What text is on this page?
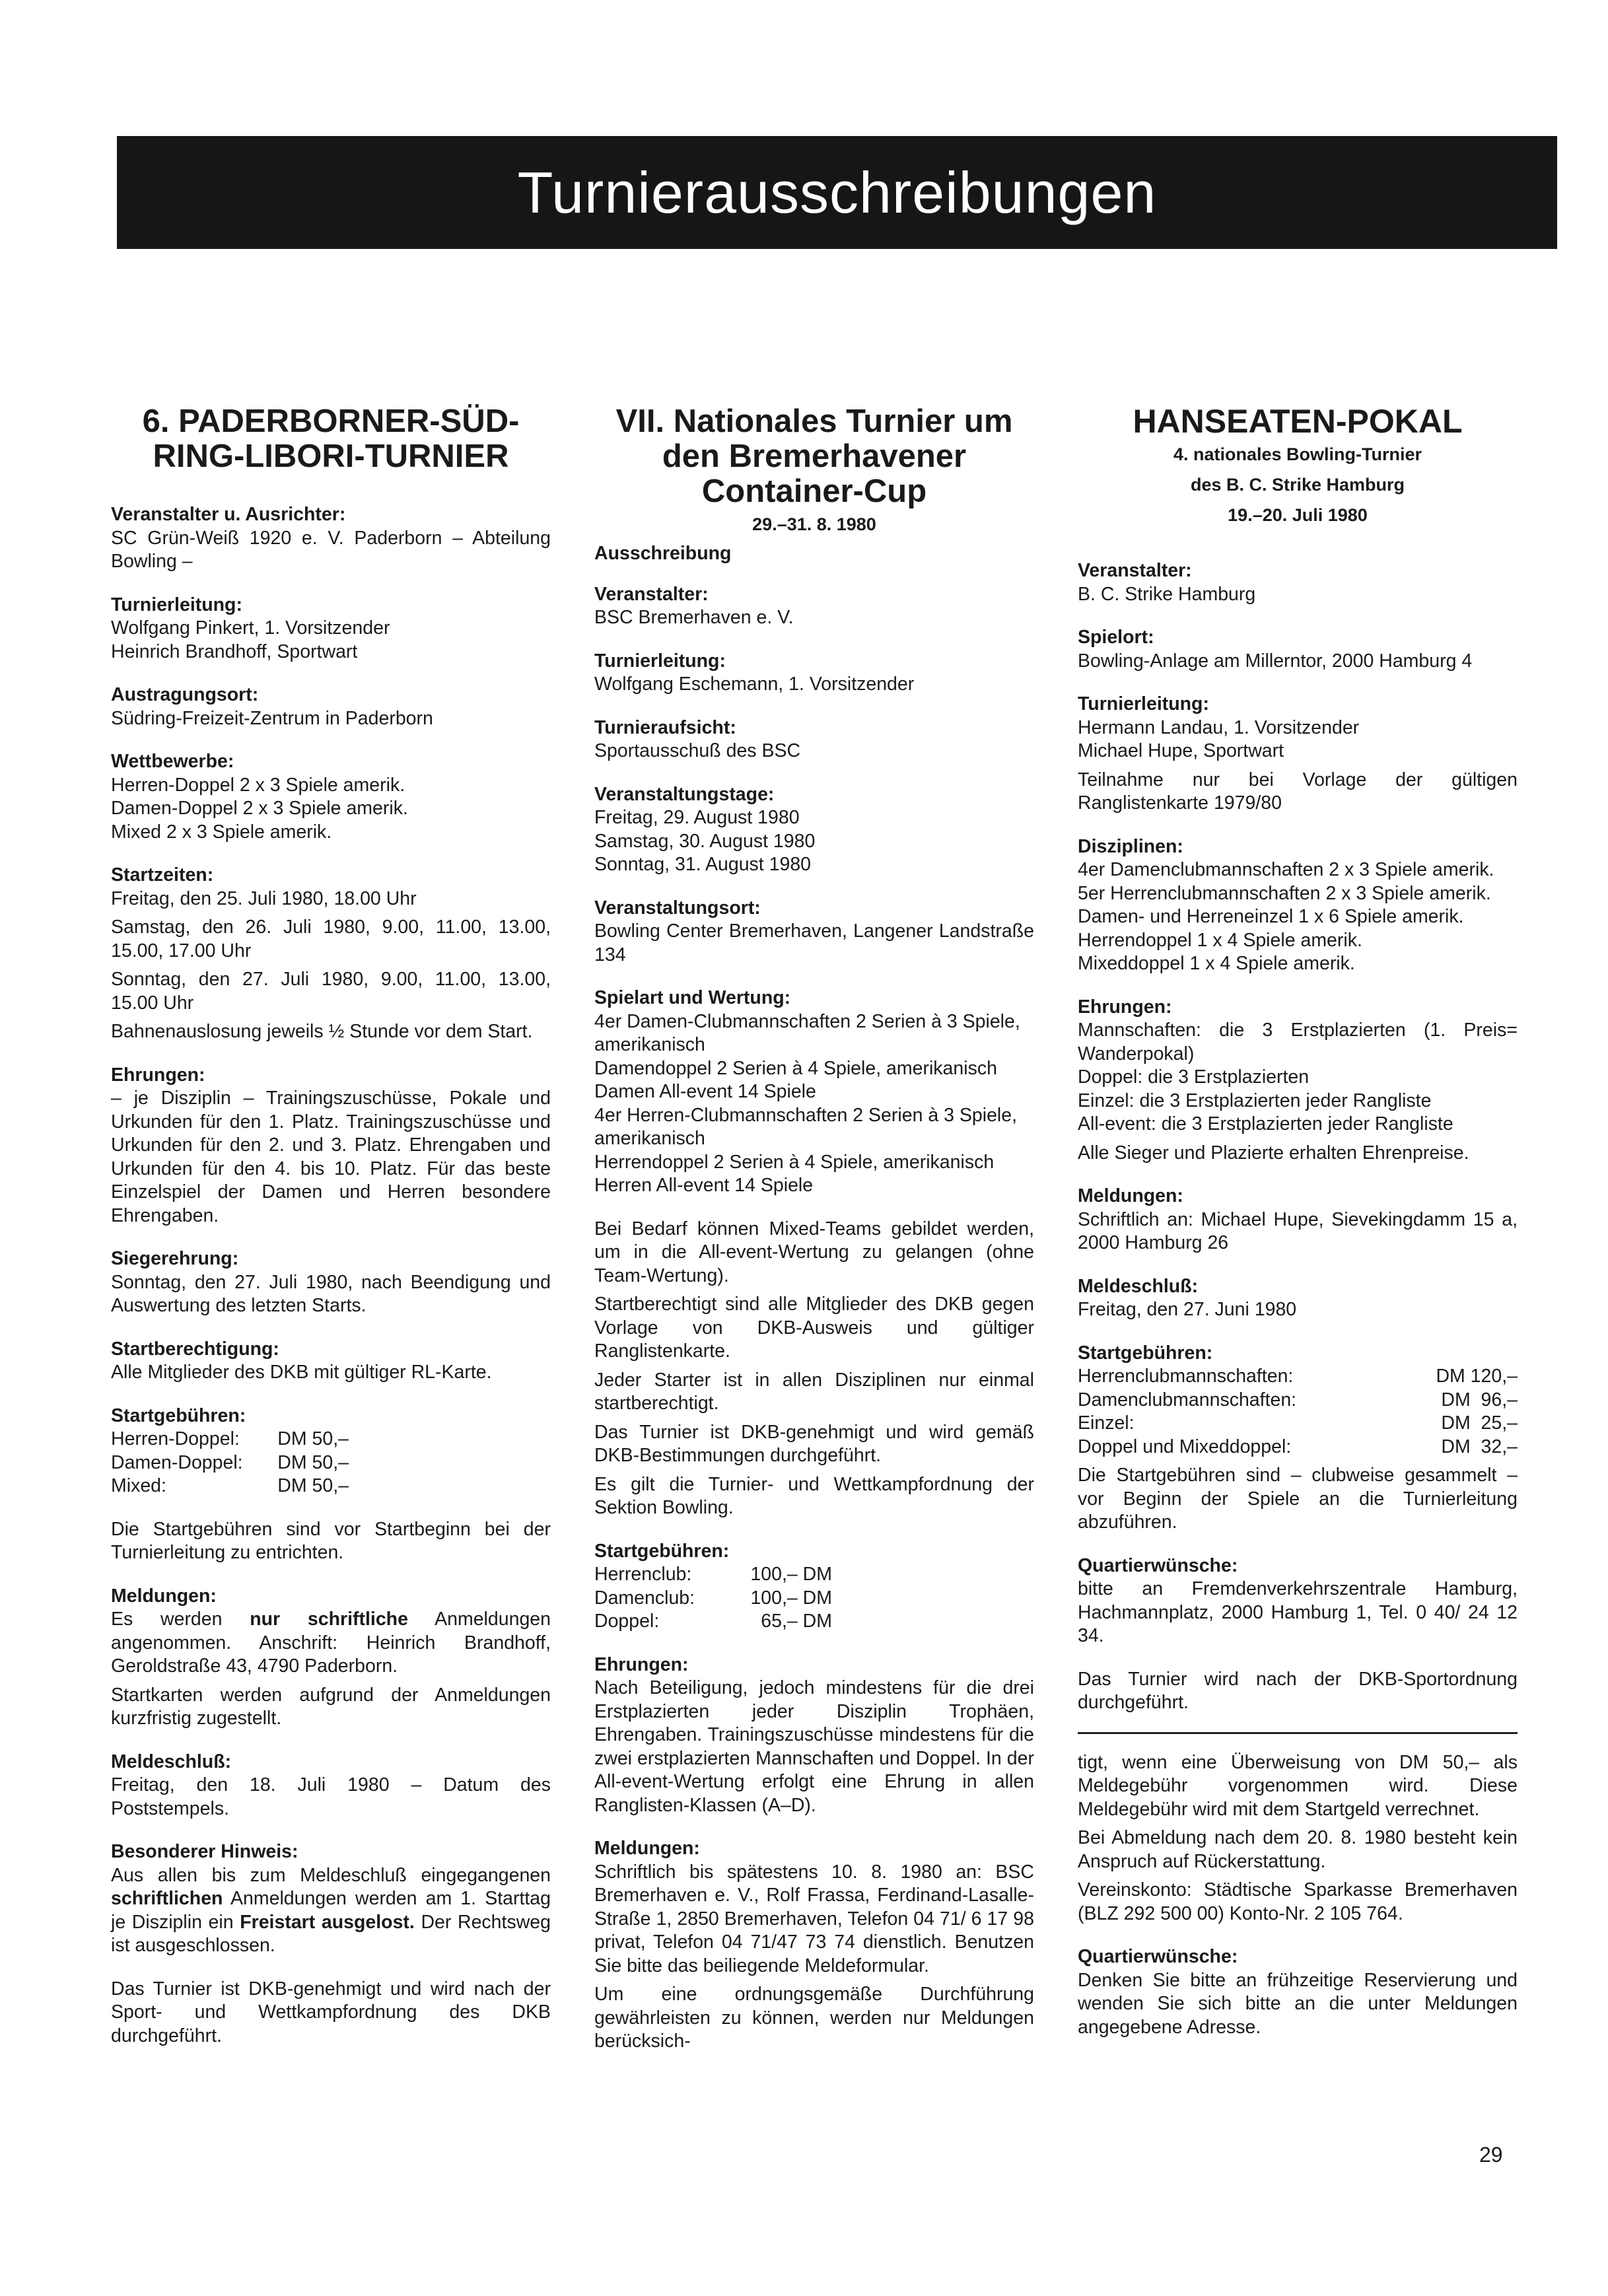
Turnierausschreibungen
6. PADERBORNER-SÜD-
RING-LIBORI-TURNIER
Veranstalter u. Ausrichter:
SC Grün-Weiß 1920 e. V. Paderborn – Abteilung Bowling –
Turnierleitung:
Wolfgang Pinkert, 1. Vorsitzender
Heinrich Brandhoff, Sportwart
Austragungsort:
Südring-Freizeit-Zentrum in Paderborn
Wettbewerbe:
Herren-Doppel 2 x 3 Spiele amerik.
Damen-Doppel 2 x 3 Spiele amerik.
Mixed 2 x 3 Spiele amerik.
Startzeiten:
Freitag, den 25. Juli 1980, 18.00 Uhr
Samstag, den 26. Juli 1980, 9.00, 11.00, 13.00, 15.00, 17.00 Uhr
Sonntag, den 27. Juli 1980, 9.00, 11.00, 13.00, 15.00 Uhr
Bahnenauslosung jeweils ½ Stunde vor dem Start.
Ehrungen:
– je Disziplin – Trainingszuschüsse, Pokale und Urkunden für den 1. Platz. Trainingszuschüsse und Urkunden für den 2. und 3. Platz. Ehrengaben und Urkunden für den 4. bis 10. Platz. Für das beste Einzelspiel der Damen und Herren besondere Ehrengaben.
Siegerehrung:
Sonntag, den 27. Juli 1980, nach Beendigung und Auswertung des letzten Starts.
Startberechtigung:
Alle Mitglieder des DKB mit gültiger RL-Karte.
Startgebühren:
Herren-Doppel:	DM 50,–
Damen-Doppel:	DM 50,–
Mixed:	DM 50,–
Die Startgebühren sind vor Startbeginn bei der Turnierleitung zu entrichten.
Meldungen:
Es werden nur schriftliche Anmeldungen angenommen. Anschrift: Heinrich Brandhoff, Geroldstraße 43, 4790 Paderborn.
Startkarten werden aufgrund der Anmeldungen kurzfristig zugestellt.
Meldeschluß:
Freitag, den 18. Juli 1980 – Datum des Poststempels.
Besonderer Hinweis:
Aus allen bis zum Meldeschluß eingegangenen schriftlichen Anmeldungen werden am 1. Starttag je Disziplin ein Freistart ausgelost. Der Rechtsweg ist ausgeschlossen.
Das Turnier ist DKB-genehmigt und wird nach der Sport- und Wettkampfordnung des DKB durchgeführt.
VII. Nationales Turnier um
den Bremerhavener
Container-Cup
29.–31. 8. 1980
Ausschreibung
Veranstalter:
BSC Bremerhaven e. V.
Turnierleitung:
Wolfgang Eschemann, 1. Vorsitzender
Turnieraufsicht:
Sportausschuß des BSC
Veranstaltungstage:
Freitag, 29. August 1980
Samstag, 30. August 1980
Sonntag, 31. August 1980
Veranstaltungsort:
Bowling Center Bremerhaven, Langener Landstraße 134
Spielart und Wertung:
4er Damen-Clubmannschaften 2 Serien à 3 Spiele, amerikanisch
Damendoppel 2 Serien à 4 Spiele, amerikanisch
Damen All-event 14 Spiele
4er Herren-Clubmannschaften 2 Serien à 3 Spiele, amerikanisch
Herrendoppel 2 Serien à 4 Spiele, amerikanisch
Herren All-event 14 Spiele
Bei Bedarf können Mixed-Teams gebildet werden, um in die All-event-Wertung zu gelangen (ohne Team-Wertung).
Startberechtigt sind alle Mitglieder des DKB gegen Vorlage von DKB-Ausweis und gültiger Ranglistenkarte.
Jeder Starter ist in allen Disziplinen nur einmal startberechtigt.
Das Turnier ist DKB-genehmigt und wird gemäß DKB-Bestimmungen durchgeführt.
Es gilt die Turnier- und Wettkampfordnung der Sektion Bowling.
Startgebühren:
Herrenclub:	100,– DM
Damenclub:	100,– DM
Doppel:	65,– DM
Ehrungen:
Nach Beteiligung, jedoch mindestens für die drei Erstplazierten jeder Disziplin Trophäen, Ehrengaben. Trainingszuschüsse mindestens für die zwei erstplazierten Mannschaften und Doppel. In der All-event-Wertung erfolgt eine Ehrung in allen Ranglisten-Klassen (A–D).
Meldungen:
Schriftlich bis spätestens 10. 8. 1980 an: BSC Bremerhaven e. V., Rolf Frassa, Ferdinand-Lasalle-Straße 1, 2850 Bremerhaven, Telefon 04 71/ 6 17 98 privat, Telefon 04 71/47 73 74 dienstlich. Benutzen Sie bitte das beiliegende Meldeformular.
Um eine ordnungsgemäße Durchführung gewährleisten zu können, werden nur Meldungen berücksich-
HANSEATEN-POKAL
4. nationales Bowling-Turnier
des B. C. Strike Hamburg
19.–20. Juli 1980
Veranstalter:
B. C. Strike Hamburg
Spielort:
Bowling-Anlage am Millerntor, 2000 Hamburg 4
Turnierleitung:
Hermann Landau, 1. Vorsitzender
Michael Hupe, Sportwart
Teilnahme nur bei Vorlage der gültigen Ranglistenkarte 1979/80
Disziplinen:
4er Damenclubmannschaften 2 x 3 Spiele amerik.
5er Herrenclubmannschaften 2 x 3 Spiele amerik.
Damen- und Herreneinzel 1 x 6 Spiele amerik.
Herrendoppel 1 x 4 Spiele amerik.
Mixeddoppel 1 x 4 Spiele amerik.
Ehrungen:
Mannschaften: die 3 Erstplazierten (1. Preis= Wanderpokal)
Doppel: die 3 Erstplazierten
Einzel: die 3 Erstplazierten jeder Rangliste
All-event: die 3 Erstplazierten jeder Rangliste
Alle Sieger und Plazierte erhalten Ehrenpreise.
Meldungen:
Schriftlich an: Michael Hupe, Sievekingdamm 15 a, 2000 Hamburg 26
Meldeschluß:
Freitag, den 27. Juni 1980
Startgebühren:
Herrenclubmannschaften:	DM 120,–
Damenclubmannschaften:	DM  96,–
Einzel:	DM  25,–
Doppel und Mixeddoppel:	DM  32,–
Die Startgebühren sind – clubweise gesammelt – vor Beginn der Spiele an die Turnierleitung abzuführen.
Quartierwünsche:
bitte an Fremdenverkehrszentrale Hamburg, Hachmannplatz, 2000 Hamburg 1, Tel. 0 40/ 24 12 34.
Das Turnier wird nach der DKB-Sportordnung durchgeführt.
tigt, wenn eine Überweisung von DM 50,– als Meldegebühr vorgenommen wird. Diese Meldegebühr wird mit dem Startgeld verrechnet.
Bei Abmeldung nach dem 20. 8. 1980 besteht kein Anspruch auf Rückerstattung.
Vereinskonto: Städtische Sparkasse Bremerhaven (BLZ 292 500 00) Konto-Nr. 2 105 764.
Quartierwünsche:
Denken Sie bitte an frühzeitige Reservierung und wenden Sie sich bitte an die unter Meldungen angegebene Adresse.
29
